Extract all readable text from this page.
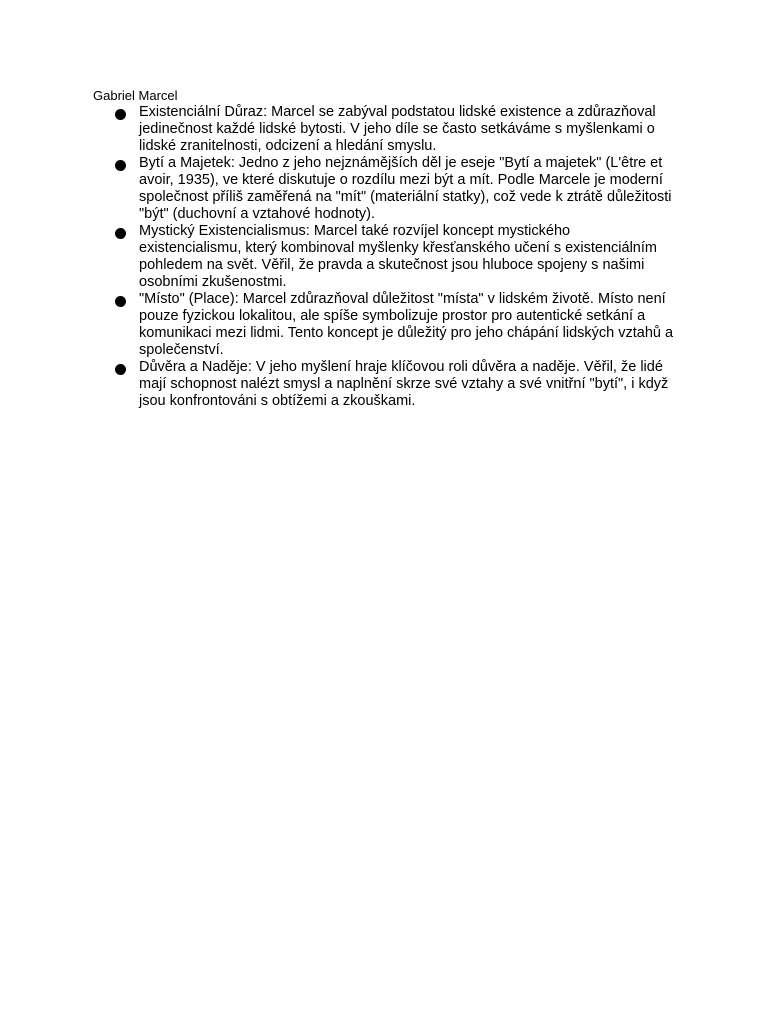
Gabriel Marcel
Existenciální Důraz: Marcel se zabýval podstatou lidské existence a zdůrazňoval jedinečnost každé lidské bytosti. V jeho díle se často setkáváme s myšlenkami o lidské zranitelnosti, odcizení a hledání smyslu.
Bytí a Majetek: Jedno z jeho nejznámějších děl je eseje "Bytí a majetek" (L'être et avoir, 1935), ve které diskutuje o rozdílu mezi být a mít. Podle Marcele je moderní společnost příliš zaměřená na "mít" (materiální statky), což vede k ztrátě důležitosti "být" (duchovní a vztahové hodnoty).
Mystický Existencialismus: Marcel také rozvíjel koncept mystického existencialismu, který kombinoval myšlenky křesťanského učení s existenciálním pohledem na svět. Věřil, že pravda a skutečnost jsou hluboce spojeny s našimi osobními zkušenostmi.
"Místo" (Place): Marcel zdůrazňoval důležitost "místa" v lidském životě. Místo není pouze fyzickou lokalitou, ale spíše symbolizuje prostor pro autentické setkání a komunikaci mezi lidmi. Tento koncept je důležitý pro jeho chápání lidských vztahů a společenství.
Důvěra a Naděje: V jeho myšlení hraje klíčovou roli důvěra a naděje. Věřil, že lidé mají schopnost nalézt smysl a naplnění skrze své vztahy a své vnitřní "bytí", i když jsou konfrontováni s obtížemi a zkouškami.
